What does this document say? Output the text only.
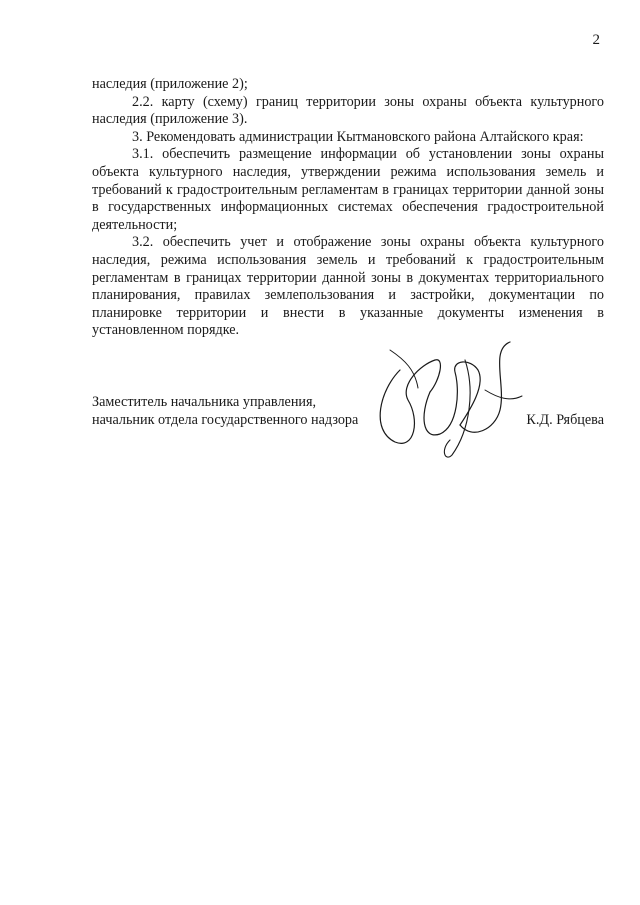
2

наследия (приложение 2);

2.2. карту (схему) границ территории зоны охраны объекта культурного наследия (приложение 3).

3. Рекомендовать администрации Кытмановского района Алтайского края:

3.1. обеспечить размещение информации об установлении зоны охраны объекта культурного наследия, утверждении режима использования земель и требований к градостроительным регламентам в границах территории данной зоны в государственных информационных системах обеспечения градостроительной деятельности;

3.2. обеспечить учет и отображение зоны охраны объекта культурного наследия, режима использования земель и требований к градостроительным регламентам в границах территории данной зоны в документах территориального планирования, правилах землепользования и застройки, документации по планировке территории и внести в указанные документы изменения в установленном порядке.

Заместитель начальника управления,
начальник отдела государственного надзора	К.Д. Рябцева
